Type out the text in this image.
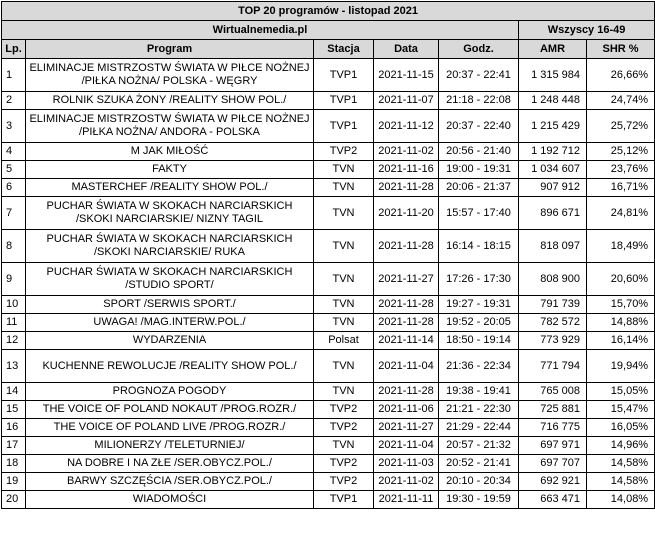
TOP 20 programów - listopad 2021						
Wirtualnemedia.pl					Wszyscy 16-49	
Lp.	Program	Stacja	Data	Godz.	AMR	SHR %
1	ELIMINACJE MISTRZOSTW ŚWIATA W PIŁCE NOŻNEJ /PIŁKA NOŻNA/ POLSKA - WĘGRY	TVP1	2021-11-15	20:37 - 22:41	1 315 984	26,66%
2	ROLNIK SZUKA ŻONY /REALITY SHOW POL./	TVP1	2021-11-07	21:18 - 22:08	1 248 448	24,74%
3	ELIMINACJE MISTRZOSTW ŚWIATA W PIŁCE NOŻNEJ /PIŁKA NOŻNA/ ANDORA - POLSKA	TVP1	2021-11-12	20:37 - 22:40	1 215 429	25,72%
4	M JAK MIŁOŚĆ	TVP2	2021-11-02	20:56 - 21:40	1 192 712	25,12%
5	FAKTY	TVN	2021-11-16	19:00 - 19:31	1 034 607	23,76%
6	MASTERCHEF /REALITY SHOW POL./	TVN	2021-11-28	20:06 - 21:37	907 912	16,71%
7	PUCHAR ŚWIATA W SKOKACH NARCIARSKICH /SKOKI NARCIARSKIE/ NIZNY TAGIL	TVN	2021-11-20	15:57 - 17:40	896 671	24,81%
8	PUCHAR ŚWIATA W SKOKACH NARCIARSKICH /SKOKI NARCIARSKIE/ RUKA	TVN	2021-11-28	16:14 - 18:15	818 097	18,49%
9	PUCHAR ŚWIATA W SKOKACH NARCIARSKICH /STUDIO SPORT/	TVN	2021-11-27	17:26 - 17:30	808 900	20,60%
10	SPORT /SERWIS SPORT./	TVN	2021-11-28	19:27 - 19:31	791 739	15,70%
11	UWAGA! /MAG.INTERW.POL./	TVN	2021-11-28	19:52 - 20:05	782 572	14,88%
12	WYDARZENIA	Polsat	2021-11-14	18:50 - 19:14	773 929	16,14%
13	KUCHENNE REWOLUCJE /REALITY SHOW POL./	TVN	2021-11-04	21:36 - 22:34	771 794	19,94%
14	PROGNOZA POGODY	TVN	2021-11-28	19:38 - 19:41	765 008	15,05%
15	THE VOICE OF POLAND NOKAUT /PROG.ROZR./	TVP2	2021-11-06	21:21 - 22:30	725 881	15,47%
16	THE VOICE OF POLAND LIVE /PROG.ROZR./	TVP2	2021-11-27	21:29 - 22:44	716 775	16,05%
17	MILIONERZY /TELETURNIEJ/	TVN	2021-11-04	20:57 - 21:32	697 971	14,96%
18	NA DOBRE I NA ZŁE /SER.OBYCZ.POL./	TVP2	2021-11-03	20:52 - 21:41	697 707	14,58%
19	BARWY SZCZĘŚCIA /SER.OBYCZ.POL./	TVP2	2021-11-02	20:10 - 20:34	692 921	14,58%
20	WIADOMOŚCI	TVP1	2021-11-11	19:30 - 19:59	663 471	14,08%
